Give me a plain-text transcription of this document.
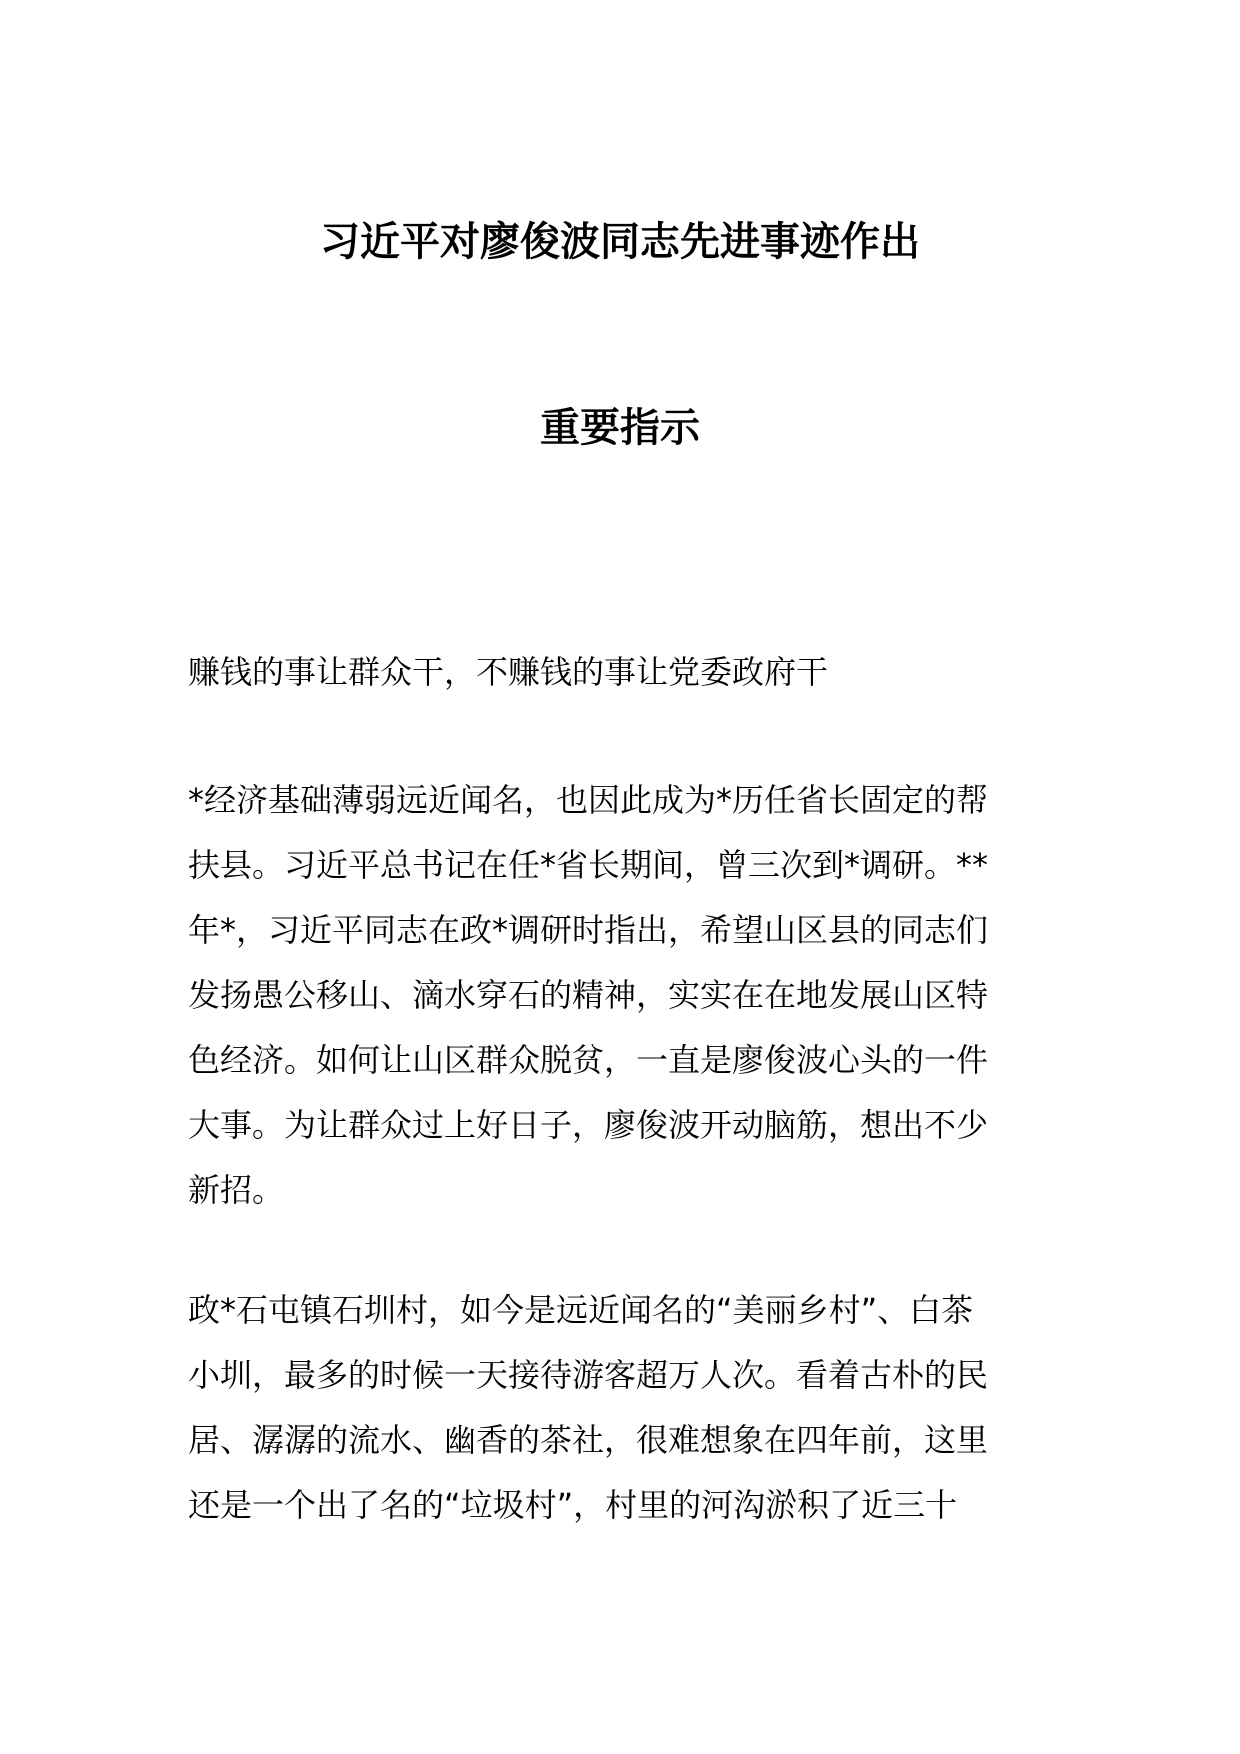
习近平对廖俊波同志先进事迹作出
重要指示
赚钱的事让群众干，不赚钱的事让党委政府干
*经济基础薄弱远近闻名，也因此成为*历任省长固定的帮
扶县。习近平总书记在任*省长期间，曾三次到*调研。**
年*，习近平同志在政*调研时指出，希望山区县的同志们
发扬愚公移山、滴水穿石的精神，实实在在地发展山区特
色经济。如何让山区群众脱贫，一直是廖俊波心头的一件
大事。为让群众过上好日子，廖俊波开动脑筋，想出不少
新招。
政*石屯镇石圳村，如今是远近闻名的“美丽乡村”、白茶
小圳，最多的时候一天接待游客超万人次。看着古朴的民
居、潺潺的流水、幽香的茶社，很难想象在四年前，这里
还是一个出了名的“垃圾村”，村里的河沟淤积了近三十
